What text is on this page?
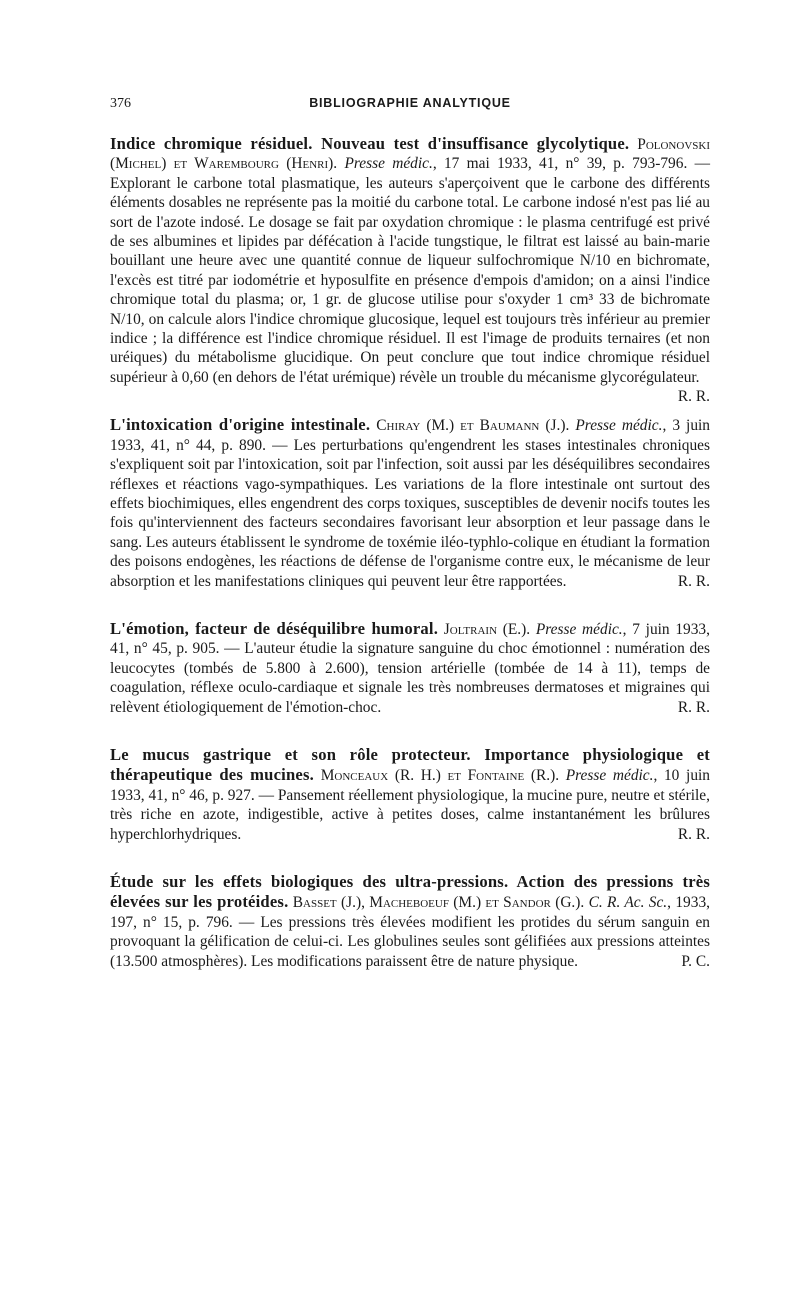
376	BIBLIOGRAPHIE ANALYTIQUE

Indice chromique résiduel. Nouveau test d'insuffisance glycolytique. Polonovski (Michel) et Warembourg (Henri). Presse médic., 17 mai 1933, 41, n° 39, p. 793-796. — Explorant le carbone total plasmatique, les auteurs s'aperçoivent que le carbone des différents éléments dosables ne représente pas la moitié du carbone total. Le carbone indosé n'est pas lié au sort de l'azote indosé. Le dosage se fait par oxydation chromique : le plasma centrifugé est privé de ses albumines et lipides par défécation à l'acide tungstique, le filtrat est laissé au bain-marie bouillant une heure avec une quantité connue de liqueur sulfochromique N/10 en bichromate, l'excès est titré par iodométrie et hyposulfite en présence d'empois d'amidon; on a ainsi l'indice chromique total du plasma; or, 1 gr. de glucose utilise pour s'oxyder 1 cm³ 33 de bichromate N/10, on calcule alors l'indice chromique glucosique, lequel est toujours très inférieur au premier indice ; la différence est l'indice chromique résiduel. Il est l'image de produits ternaires (et non uréiques) du métabolisme glucidique. On peut conclure que tout indice chromique résiduel supérieur à 0,60 (en dehors de l'état urémique) révèle un trouble du mécanisme glycorégulateur.
R. R.

L'intoxication d'origine intestinale. Chiray (M.) et Baumann (J.). Presse médic., 3 juin 1933, 41, n° 44, p. 890. — Les perturbations qu'engendrent les stases intestinales chroniques s'expliquent soit par l'intoxication, soit par l'infection, soit aussi par les déséquilibres secondaires réflexes et réactions vago-sympathiques. Les variations de la flore intestinale ont surtout des effets biochimiques, elles engendrent des corps toxiques, susceptibles de devenir nocifs toutes les fois qu'interviennent des facteurs secondaires favorisant leur absorption et leur passage dans le sang. Les auteurs établissent le syndrome de toxémie iléo-typhlo-colique en étudiant la formation des poisons endogènes, les réactions de défense de l'organisme contre eux, le mécanisme de leur absorption et les manifestations cliniques qui peuvent leur être rapportées.	R. R.

L'émotion, facteur de déséquilibre humoral. Joltrain (E.). Presse médic., 7 juin 1933, 41, n° 45, p. 905. — L'auteur étudie la signature sanguine du choc émotionnel : numération des leucocytes (tombés de 5.800 à 2.600), tension artérielle (tombée de 14 à 11), temps de coagulation, réflexe oculo-cardiaque et signale les très nombreuses dermatoses et migraines qui relèvent étiologiquement de l'émotion-choc.	R. R.

Le mucus gastrique et son rôle protecteur. Importance physiologique et thérapeutique des mucines. Monceaux (R. H.) et Fontaine (R.). Presse médic., 10 juin 1933, 41, n° 46, p. 927. — Pansement réellement physiologique, la mucine pure, neutre et stérile, très riche en azote, indigestible, active à petites doses, calme instantanément les brûlures hyperchlorhydriques.	R. R.

Étude sur les effets biologiques des ultra-pressions. Action des pressions très élevées sur les protéides. Basset (J.), Macheboeuf (M.) et Sandor (G.). C. R. Ac. Sc., 1933, 197, n° 15, p. 796. — Les pressions très élevées modifient les protides du sérum sanguin en provoquant la gélification de celui-ci. Les globulines seules sont gélifiées aux pressions atteintes (13.500 atmosphères). Les modifications paraissent être de nature physique.	P. C.
